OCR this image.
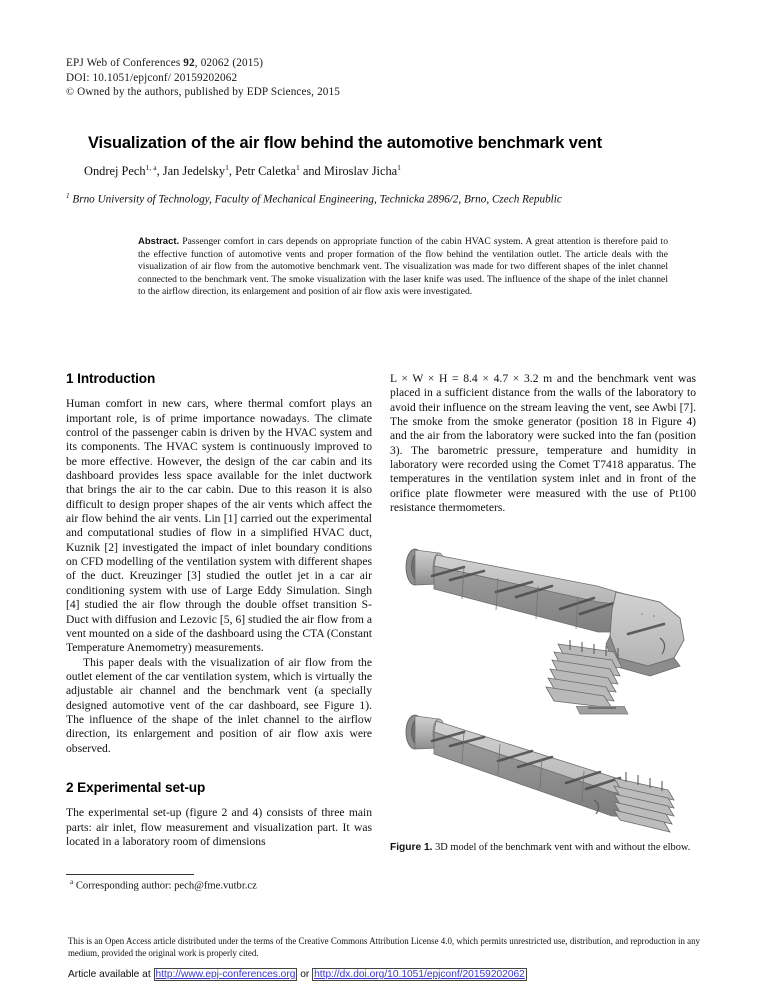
EPJ Web of Conferences 92, 02062 (2015)
DOI: 10.1051/epjconf/ 20159202062
© Owned by the authors, published by EDP Sciences, 2015
Visualization of the air flow behind the automotive benchmark vent
Ondrej Pech$^{1, a}$, Jan Jedelsky$^1$, Petr Caletka$^1$ and Miroslav Jicha$^1$
$^1$ Brno University of Technology, Faculty of Mechanical Engineering, Technicka 2896/2, Brno, Czech Republic
Abstract. Passenger comfort in cars depends on appropriate function of the cabin HVAC system. A great attention is therefore paid to the effective function of automotive vents and proper formation of the flow behind the ventilation outlet. The article deals with the visualization of air flow from the automotive benchmark vent. The visualization was made for two different shapes of the inlet channel connected to the benchmark vent. The smoke visualization with the laser knife was used. The influence of the shape of the inlet channel to the airflow direction, its enlargement and position of air flow axis were investigated.
1 Introduction

Human comfort in new cars, where thermal comfort plays an important role, is of prime importance nowadays. The climate control of the passenger cabin is driven by the HVAC system and its components. The HVAC system is continuously improved to be more effective. However, the design of the car cabin and its dashboard provides less space available for the inlet ductwork that brings the air to the car cabin. Due to this reason it is also difficult to design proper shapes of the air vents which affect the air flow behind the air vents. Lin [1] carried out the experimental and computational studies of flow in a simplified HVAC duct, Kuznik [2] investigated the impact of inlet boundary conditions on CFD modelling of the ventilation system with different shapes of the duct. Kreuzinger [3] studied the outlet jet in a car air conditioning system with use of Large Eddy Simulation. Singh [4] studied the air flow through the double offset transition S-Duct with diffusion and Lezovic [5, 6] studied the air flow from a vent mounted on a side of the dashboard using the CTA (Constant Temperature Anemometry) measurements.

This paper deals with the visualization of air flow from the outlet element of the car ventilation system, which is virtually the adjustable air channel and the benchmark vent (a specially designed automotive vent of the car dashboard, see Figure 1). The influence of the shape of the inlet channel to the airflow direction, its enlargement and position of air flow axis were observed.

2 Experimental set-up

The experimental set-up (figure 2 and 4) consists of three main parts: air inlet, flow measurement and visualization part. It was located in a laboratory room of dimensions

L × W × H = 8.4 × 4.7 × 3.2 m and the benchmark vent was placed in a sufficient distance from the walls of the laboratory to avoid their influence on the stream leaving the vent, see Awbi [7]. The smoke from the smoke generator (position 18 in Figure 4) and the air from the laboratory were sucked into the fan (position 3). The barometric pressure, temperature and humidity in laboratory were recorded using the Comet T7418 apparatus. The temperatures in the ventilation system inlet and in front of the orifice plate flowmeter were measured with the use of Pt100 resistance thermometers.

Figure 1. 3D model of the benchmark vent with and without the elbow.
$^a$ Corresponding author: pech@fme.vutbr.cz
This is an Open Access article distributed under the terms of the Creative Commons Attribution License 4.0, which permits unrestricted use, distribution, and reproduction in any medium, provided the original work is properly cited.
Article available at http://www.epj-conferences.org or http://dx.doi.org/10.1051/epjconf/20159202062
